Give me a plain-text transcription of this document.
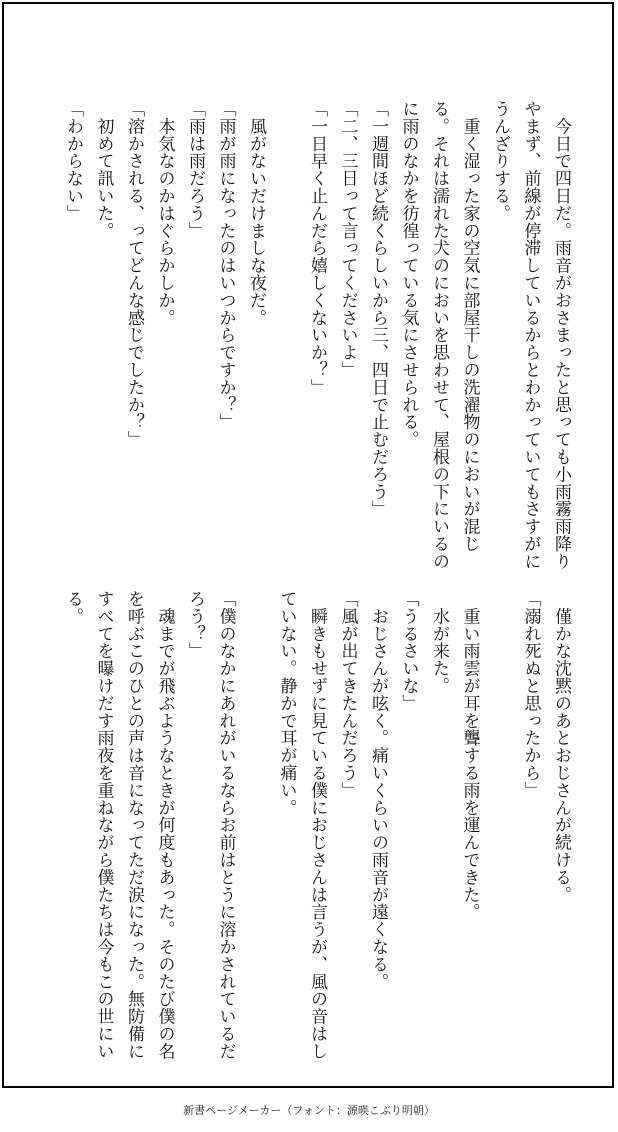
　今日で四日だ。雨音がおさまったと思っても小雨霧雨降りやまず、前線が停滞しているからとわかっていてもさすがにうんざりする。
　重く湿った家の空気に部屋干しの洗濯物のにおいが混じる。それは濡れた犬のにおいを思わせて、屋根の下にいるのに雨のなかを彷徨っている気にさせられる。
「一週間ほど続くらしいから三、四日で止むだろう」
「二、三日って言ってくださいよ」
「一日早く止んだら嬉しくないか？」

　風がないだけましな夜だ。
「雨が雨になったのはいつからですか？」
「雨は雨だろう」
　本気なのかはぐらかしか。
「溶かされる、ってどんな感じでしたか？」
　初めて訊いた。
「わからない」
　僅かな沈黙のあとおじさんが続ける。
「溺れ死ぬと思ったから」

　重い雨雲が耳を聾する雨を運んできた。
　水が来た。
「うるさいな」
　おじさんが呟く。痛いくらいの雨音が遠くなる。
「風が出てきたんだろう」
　瞬きもせずに見ている僕におじさんは言うが、風の音はしていない。静かで耳が痛い。

「僕のなかにあれがいるならお前はとうに溶かされているだろう？」
　魂までが飛ぶようなときが何度もあった。そのたび僕の名を呼ぶこのひとの声は音になってただ涙になった。無防備にすべてを曝けだす雨夜を重ねながら僕たちは今もこの世にいる。
新書ページメーカー（フォント：源暎こぶり明朝）
